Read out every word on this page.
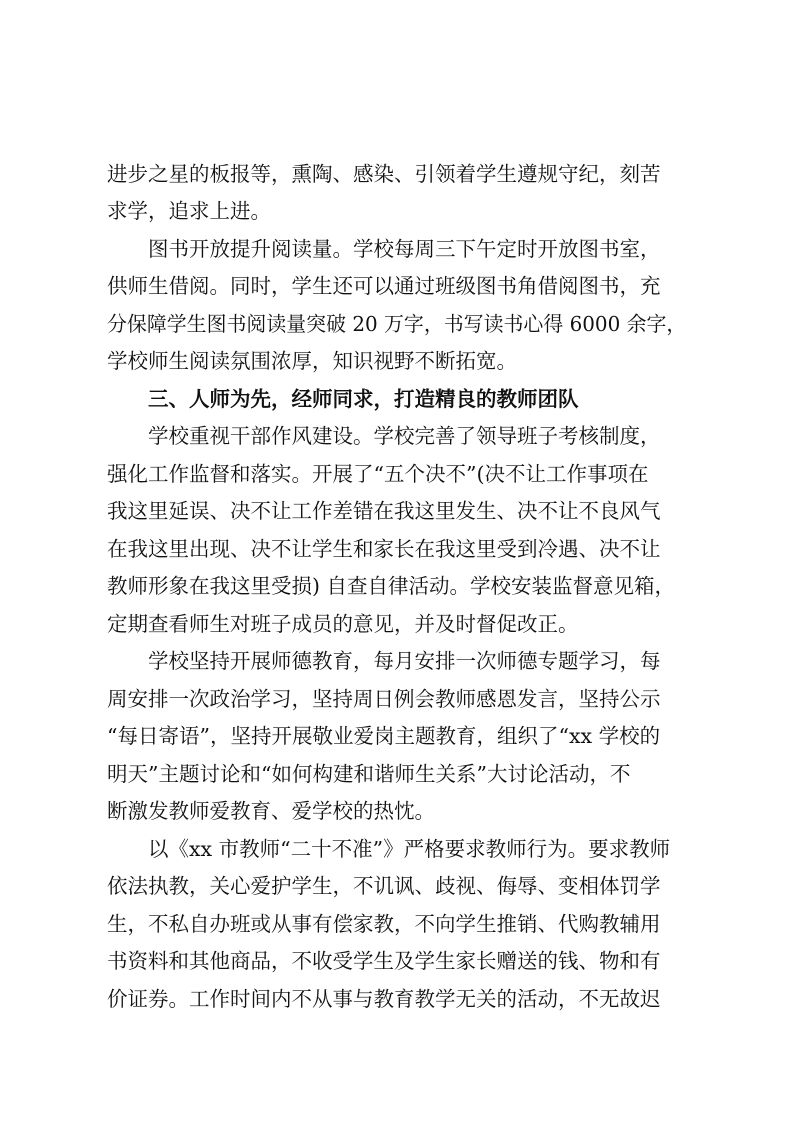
进步之星的板报等，熏陶、感染、引领着学生遵规守纪，刻苦

求学，追求上进。

图书开放提升阅读量。学校每周三下午定时开放图书室，

供师生借阅。同时，学生还可以通过班级图书角借阅图书，充

分保障学生图书阅读量突破 20 万字，书写读书心得 6000 余字，

学校师生阅读氛围浓厚，知识视野不断拓宽。

三、人师为先，经师同求，打造精良的教师团队

学校重视干部作风建设。学校完善了领导班子考核制度，

强化工作监督和落实。开展了“五个决不”(决不让工作事项在

我这里延误、决不让工作差错在我这里发生、决不让不良风气

在我这里出现、决不让学生和家长在我这里受到冷遇、决不让

教师形象在我这里受损) 自查自律活动。学校安装监督意见箱，

定期查看师生对班子成员的意见，并及时督促改正。

学校坚持开展师德教育，每月安排一次师德专题学习，每

周安排一次政治学习，坚持周日例会教师感恩发言，坚持公示

“每日寄语”，坚持开展敬业爱岗主题教育，组织了“xx 学校的

明天”主题讨论和“如何构建和谐师生关系”大讨论活动，不

断激发教师爱教育、爱学校的热忱。

以《xx 市教师“二十不准”》严格要求教师行为。要求教师

依法执教，关心爱护学生，不讥讽、歧视、侮辱、变相体罚学

生，不私自办班或从事有偿家教，不向学生推销、代购教辅用

书资料和其他商品，不收受学生及学生家长赠送的钱、物和有

价证券。工作时间内不从事与教育教学无关的活动，不无故迟
